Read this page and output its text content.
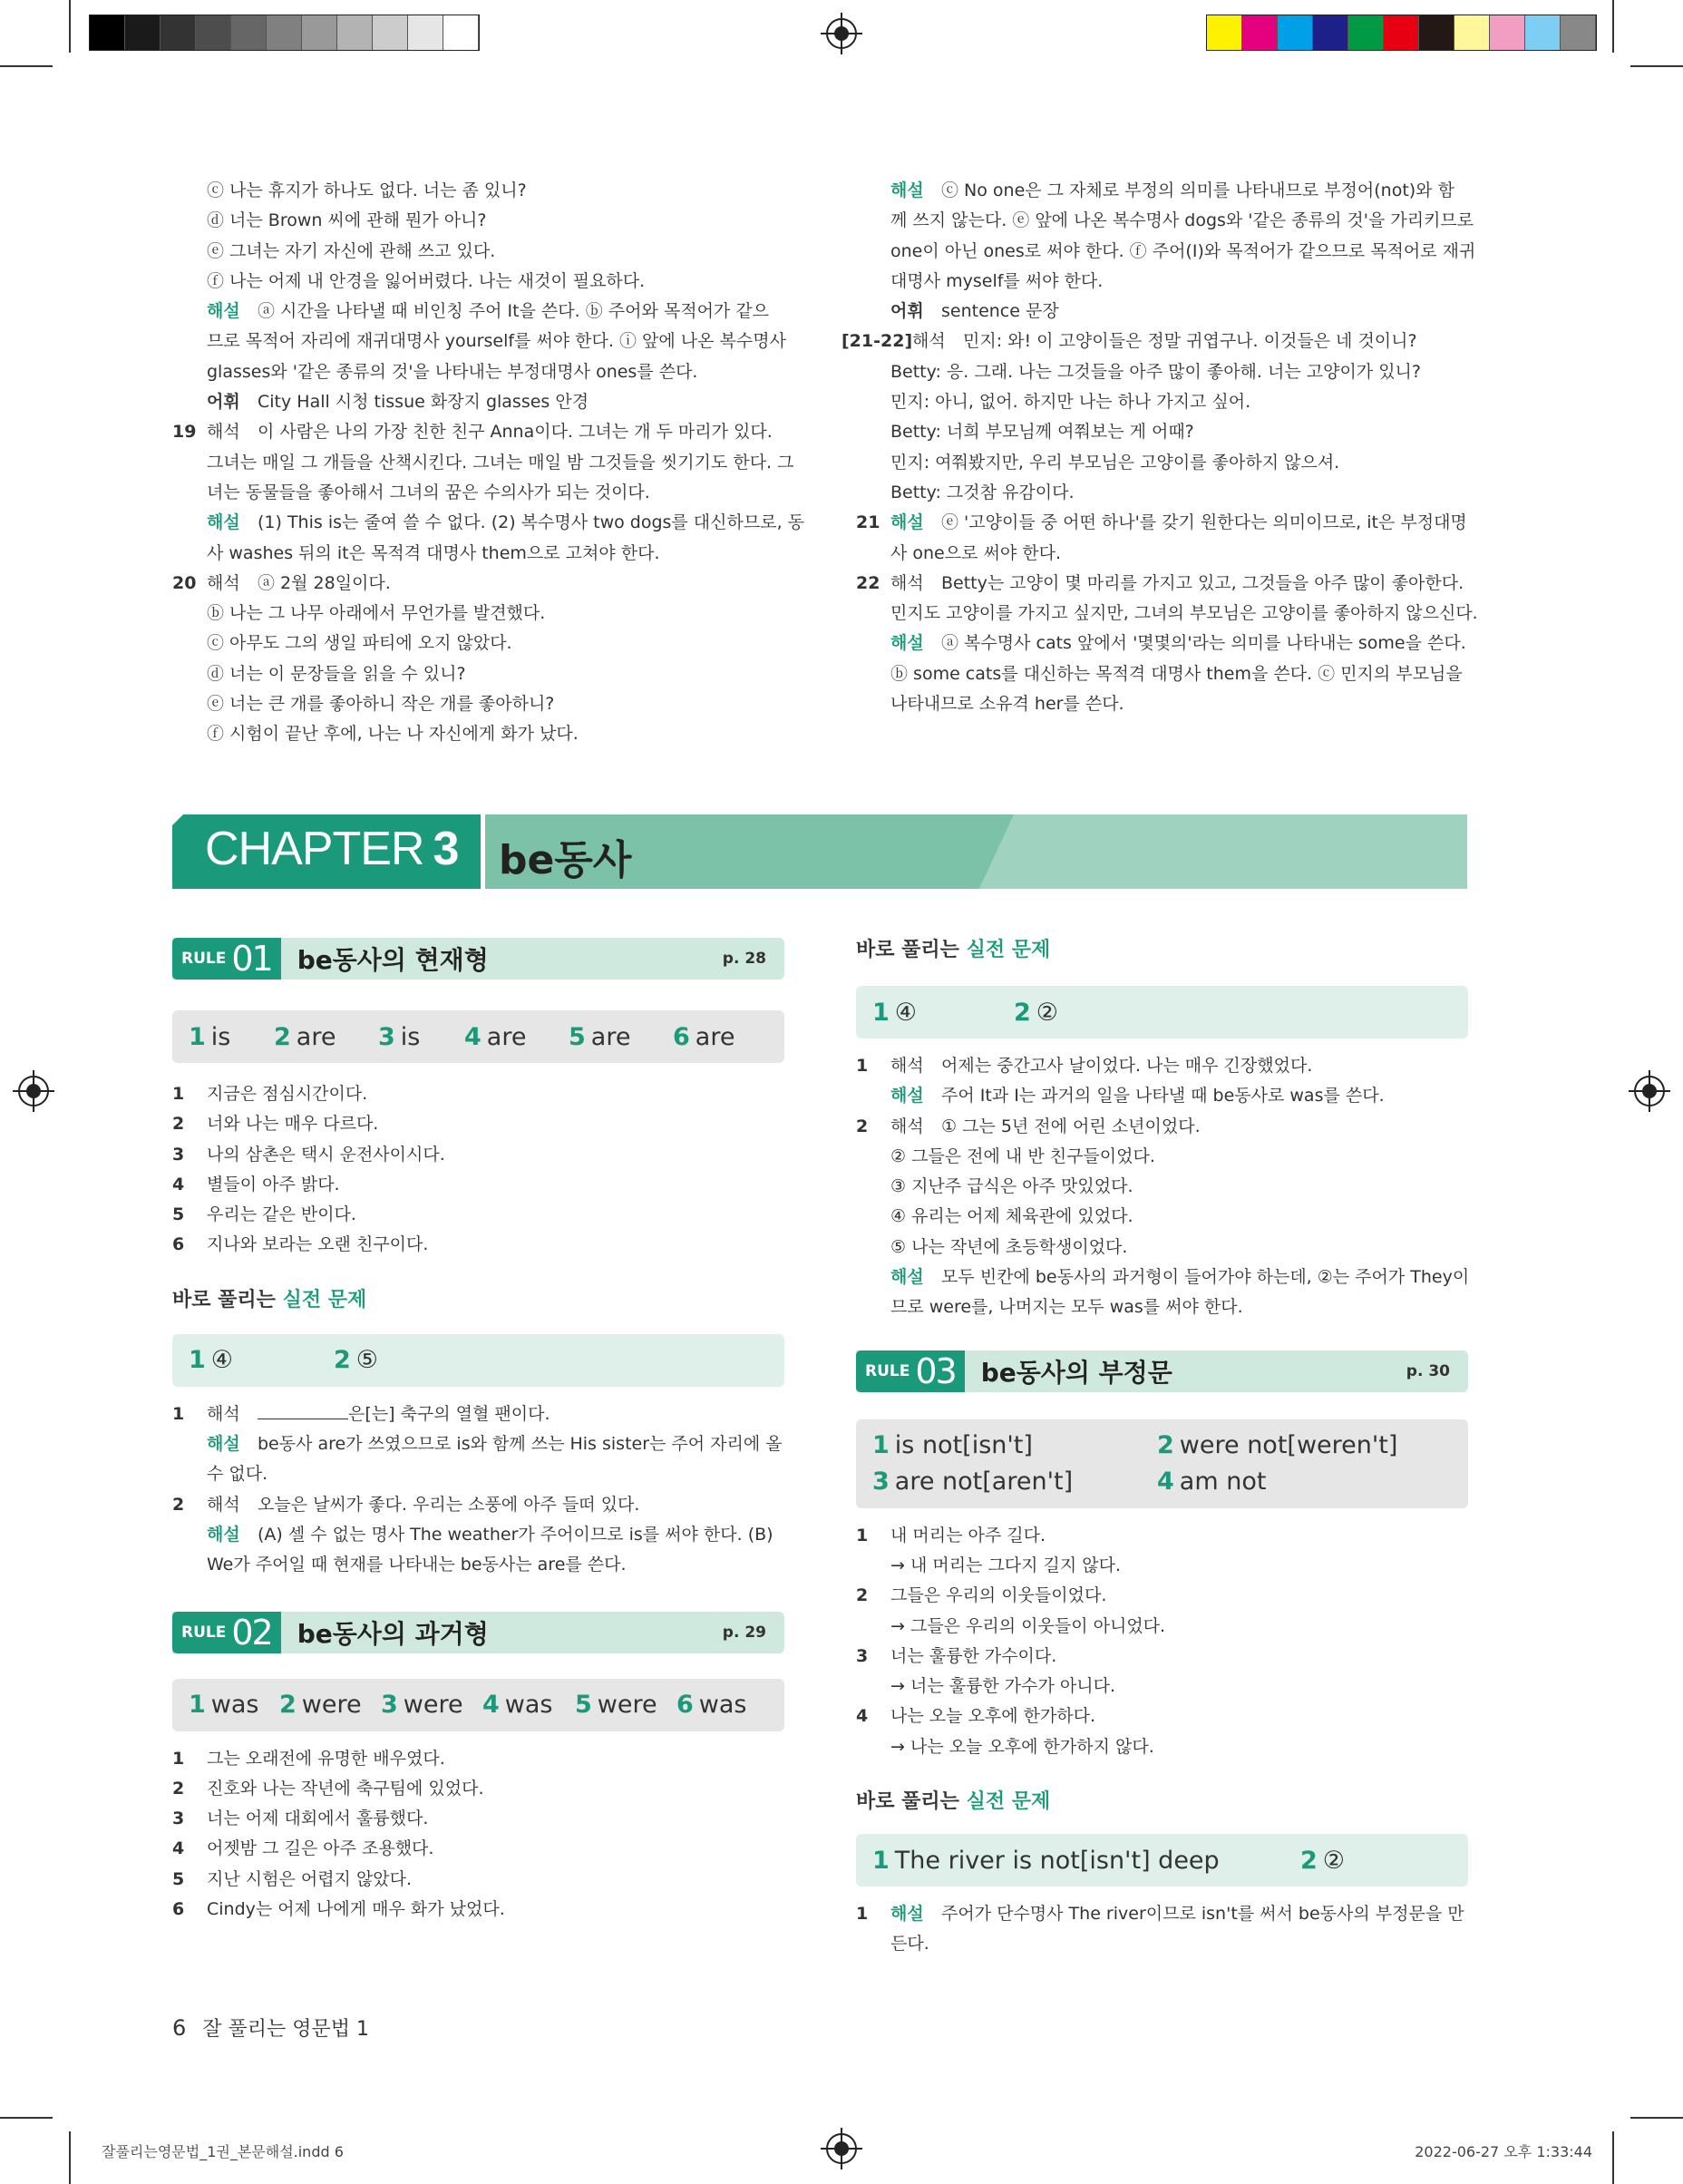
ⓒ 나는 휴지가 하나도 없다. 너는 좀 있니?
ⓓ 너는 Brown 씨에 관해 뭔가 아니?
ⓔ 그녀는 자기 자신에 관해 쓰고 있다.
ⓕ 나는 어제 내 안경을 잃어버렸다. 나는 새것이 필요하다.
해설 ⓐ 시간을 나타낼 때 비인칭 주어 It을 쓴다. ⓑ 주어와 목적어가 같으
므로 목적어 자리에 재귀대명사 yourself를 써야 한다. ⓘ 앞에 나온 복수명사
glasses와 '같은 종류의 것'을 나타내는 부정대명사 ones를 쓴다.
어휘 City Hall 시청 tissue 화장지 glasses 안경
19 해석 이 사람은 나의 가장 친한 친구 Anna이다. 그녀는 개 두 마리가 있다.
그녀는 매일 그 개들을 산책시킨다. 그녀는 매일 밤 그것들을 씻기기도 한다. 그
녀는 동물들을 좋아해서 그녀의 꿈은 수의사가 되는 것이다.
해설 (1) This is는 줄여 쓸 수 없다. (2) 복수명사 two dogs를 대신하므로, 동
사 washes 뒤의 it은 목적격 대명사 them으로 고쳐야 한다.
20 해석 ⓐ 2월 28일이다.
ⓑ 나는 그 나무 아래에서 무언가를 발견했다.
ⓒ 아무도 그의 생일 파티에 오지 않았다.
ⓓ 너는 이 문장들을 읽을 수 있니?
ⓔ 너는 큰 개를 좋아하니 작은 개를 좋아하니?
ⓕ 시험이 끝난 후에, 나는 나 자신에게 화가 났다.
해설 ⓒ No one은 그 자체로 부정의 의미를 나타내므로 부정어(not)와 함
께 쓰지 않는다. ⓔ 앞에 나온 복수명사 dogs와 '같은 종류의 것'을 가리키므로
one이 아닌 ones로 써야 한다. ⓕ 주어(I)와 목적어가 같으므로 목적어로 재귀
대명사 myself를 써야 한다.
어휘 sentence 문장
[21-22]해석 민지: 와! 이 고양이들은 정말 귀엽구나. 이것들은 네 것이니?
Betty: 응. 그래. 나는 그것들을 아주 많이 좋아해. 너는 고양이가 있니?
민지: 아니, 없어. 하지만 나는 하나 가지고 싶어.
Betty: 너희 부모님께 여쭤보는 게 어때?
민지: 여쭤봤지만, 우리 부모님은 고양이를 좋아하지 않으셔.
Betty: 그것참 유감이다.
21 해설 ⓔ '고양이들 중 어떤 하나'를 갖기 원한다는 의미이므로, it은 부정대명
사 one으로 써야 한다.
22 해석 Betty는 고양이 몇 마리를 가지고 있고, 그것들을 아주 많이 좋아한다.
민지도 고양이를 가지고 싶지만, 그녀의 부모님은 고양이를 좋아하지 않으신다.
해설 ⓐ 복수명사 cats 앞에서 '몇몇의'라는 의미를 나타내는 some을 쓴다.
ⓑ some cats를 대신하는 목적격 대명사 them을 쓴다. ⓒ 민지의 부모님을
나타내므로 소유격 her를 쓴다.
CHAPTER 3 be동사
RULE 01 be동사의 현재형	p. 28
1 is	2 are	3 is	4 are	5 are	6 are
1 지금은 점심시간이다.
2 너와 나는 매우 다르다.
3 나의 삼촌은 택시 운전사이시다.
4 별들이 아주 밝다.
5 우리는 같은 반이다.
6 지나와 보라는 오랜 친구이다.
바로 풀리는 실전 문제
1 ④	2 ⑤
1 해석	은[는] 축구의 열혈 팬이다.
해설 be동사 are가 쓰였으므로 is와 함께 쓰는 His sister는 주어 자리에 올
수 없다.
2 해석 오늘은 날씨가 좋다. 우리는 소풍에 아주 들떠 있다.
해설 (A) 셀 수 없는 명사 The weather가 주어이므로 is를 써야 한다. (B)
We가 주어일 때 현재를 나타내는 be동사는 are를 쓴다.
RULE 02 be동사의 과거형	p. 29
1 was 2 were 3 were 4 was 5 were 6 was
1 그는 오래전에 유명한 배우였다.
2 진호와 나는 작년에 축구팀에 있었다.
3 너는 어제 대회에서 훌륭했다.
4 어젯밤 그 길은 아주 조용했다.
5 지난 시험은 어렵지 않았다.
6 Cindy는 어제 나에게 매우 화가 났었다.
바로 풀리는 실전 문제
1 ④	2 ②
1 해석 어제는 중간고사 날이었다. 나는 매우 긴장했었다.
해설 주어 It과 I는 과거의 일을 나타낼 때 be동사로 was를 쓴다.
2 해석 ① 그는 5년 전에 어린 소년이었다.
② 그들은 전에 내 반 친구들이었다.
③ 지난주 급식은 아주 맛있었다.
④ 유리는 어제 체육관에 있었다.
⑤ 나는 작년에 초등학생이었다.
해설 모두 빈칸에 be동사의 과거형이 들어가야 하는데, ②는 주어가 They이
므로 were를, 나머지는 모두 was를 써야 한다.
RULE 03 be동사의 부정문	p. 30
1 is not[isn't]	2 were not[weren't]
3 are not[aren't]	4 am not
1 내 머리는 아주 길다.
→ 내 머리는 그다지 길지 않다.
2 그들은 우리의 이웃들이었다.
→ 그들은 우리의 이웃들이 아니었다.
3 너는 훌륭한 가수이다.
→ 너는 훌륭한 가수가 아니다.
4 나는 오늘 오후에 한가하다.
→ 나는 오늘 오후에 한가하지 않다.
바로 풀리는 실전 문제
1 The river is not[isn't] deep	2 ②
1 해설 주어가 단수명사 The river이므로 isn't를 써서 be동사의 부정문을 만
든다.
6 잘 풀리는 영문법 1
잘풀리는영문법_1권_본문해설.indd 6	2022-06-27 오후 1:33:44
